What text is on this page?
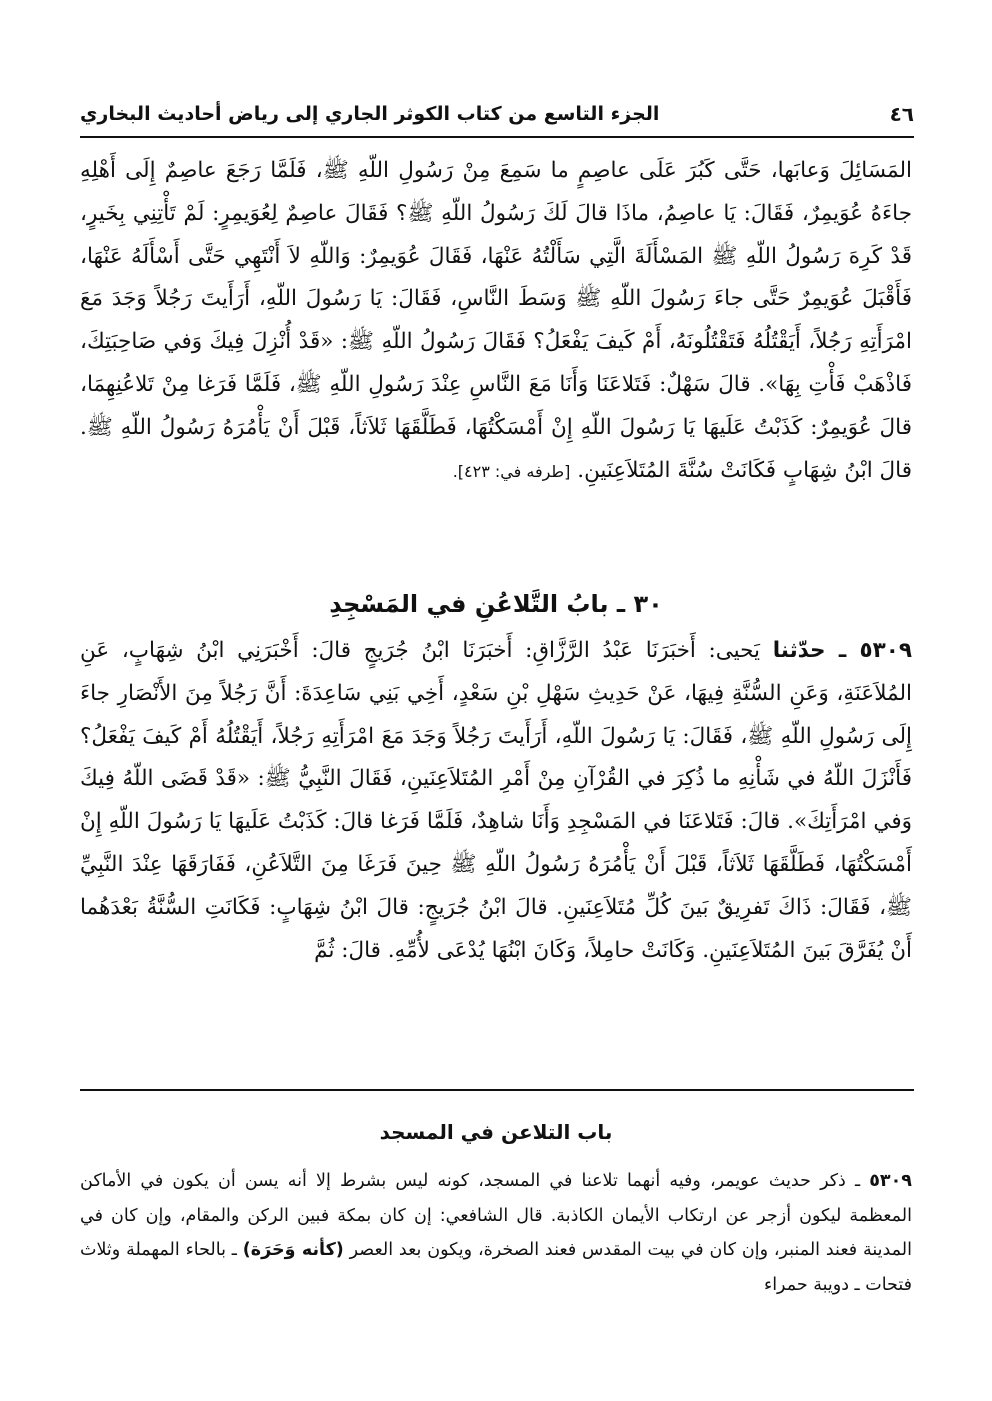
٤٦
الجزء التاسع من كتاب الكوثر الجاري إلى رياض أحاديث البخاري

المَسَائِلَ وَعابَها، حَتَّى كَبُرَ عَلَى عاصِمٍ ما سَمِعَ مِنْ رَسُولِ اللّهِ ﷺ، فَلَمَّا رَجَعَ عاصِمٌ إِلَى أَهْلِهِ جاءَهُ عُوَيمِرٌ، فَقَالَ: يَا عاصِمُ، ماذَا قالَ لَكَ رَسُولُ اللّهِ ﷺ؟ فَقَالَ عاصِمٌ لِعُوَيمِرٍ: لَمْ تَأْتِنِي بِخَيرٍ، قَدْ كَرِهَ رَسُولُ اللّهِ ﷺ المَسْأَلَةَ الَّتِي سَأَلْتُهُ عَنْهَا، فَقَالَ عُوَيمِرٌ: وَاللّهِ لاَ أَنْتَهِي حَتَّى أَسْأَلَهُ عَنْهَا، فَأَقْبَلَ عُوَيمِرٌ حَتَّى جاءَ رَسُولَ اللّهِ ﷺ وَسَطَ النَّاسِ، فَقَالَ: يَا رَسُولَ اللّهِ، أَرَأَيتَ رَجُلاً وَجَدَ مَعَ امْرَأَتِهِ رَجُلاً، أَيَقْتُلُهُ فَتَقْتُلُونَهُ، أَمْ كَيفَ يَفْعَلُ؟ فَقَالَ رَسُولُ اللّهِ ﷺ: «قَدْ أُنْزِلَ فِيكَ وَفي صَاحِبَتِكَ، فَاذْهَبْ فَأْتِ بِهَا». قالَ سَهْلٌ: فَتَلاعَنَا وَأَنَا مَعَ النَّاسِ عِنْدَ رَسُولِ اللّهِ ﷺ، فَلَمَّا فَرَغا مِنْ تَلاعُنِهِمَا، قالَ عُوَيمِرٌ: كَذَبْتُ عَلَيهَا يَا رَسُولَ اللّهِ إِنْ أَمْسَكْتُهَا، فَطَلَّقَهَا ثَلاَثاً، قَبْلَ أَنْ يَأْمُرَهُ رَسُولُ اللّهِ ﷺ. قالَ ابْنُ شِهَابٍ فَكَانَتْ سُنَّةَ المُتَلاَعِنَينِ. [طرفه في: ٤٢٣].

٣٠ ـ بابُ التَّلاعُنِ في المَسْجِدِ

٥٣٠٩ ـ حدّثنا يَحيى: أَخبَرَنَا عَبْدُ الرَّزَّاقِ: أَخبَرَنَا ابْنُ جُرَيجٍ قالَ: أَخْبَرَنِي ابْنُ شِهَابٍ، عَنِ المُلاَعَنَةِ، وَعَنِ السُّنَّةِ فِيهَا، عَنْ حَدِيثِ سَهْلِ بْنِ سَعْدٍ، أَخِي بَنِي سَاعِدَةَ: أَنَّ رَجُلاً مِنَ الأَنْصَارِ جاءَ إِلَى رَسُولِ اللّهِ ﷺ، فَقَالَ: يَا رَسُولَ اللّهِ، أَرَأَيتَ رَجُلاً وَجَدَ مَعَ امْرَأَتِهِ رَجُلاً، أَيَقْتُلُهُ أَمْ كَيفَ يَفْعَلُ؟ فَأَنْزَلَ اللّهُ في شَأْنِهِ ما ذُكِرَ في القُرْآنِ مِنْ أَمْرِ المُتَلاَعِنَينِ، فَقَالَ النَّبِيُّ ﷺ: «قَدْ قَضَى اللّهُ فِيكَ وَفي امْرَأَتِكَ». قالَ: فَتَلاعَنَا في المَسْجِدِ وَأَنَا شاهِدٌ، فَلَمَّا فَرَغا قالَ: كَذَبْتُ عَلَيهَا يَا رَسُولَ اللّهِ إِنْ أَمْسَكْتُهَا، فَطَلَّقَهَا ثَلاَثاً، قَبْلَ أَنْ يَأْمُرَهُ رَسُولُ اللّهِ ﷺ حِينَ فَرَغَا مِنَ التَّلاَعُنِ، فَفَارَقَهَا عِنْدَ النَّبِيِّ ﷺ، فَقَالَ: ذَاكَ تَفرِيقٌ بَينَ كُلِّ مُتَلاَعِنَينِ. قالَ ابْنُ جُرَيجٍ: قالَ ابْنُ شِهَابٍ: فَكَانَتِ السُّنَّةُ بَعْدَهُما أَنْ يُفَرَّقَ بَينَ المُتَلاَعِنَينِ. وَكَانَتْ حامِلاً، وَكَانَ ابْنُهَا يُدْعَى لأُمِّهِ. قالَ: ثُمَّ

باب التلاعن في المسجد

٥٣٠٩ ـ ذكر حديث عويمر، وفيه أنهما تلاعنا في المسجد، كونه ليس بشرط إلا أنه يسن أن يكون في الأماكن المعظمة ليكون أزجر عن ارتكاب الأيمان الكاذبة. قال الشافعي: إن كان بمكة فبين الركن والمقام، وإن كان في المدينة فعند المنبر، وإن كان في بيت المقدس فعند الصخرة، ويكون بعد العصر (كأنه وَحَرَة) ـ بالحاء المهملة وثلاث فتحات ـ دويبة حمراء
